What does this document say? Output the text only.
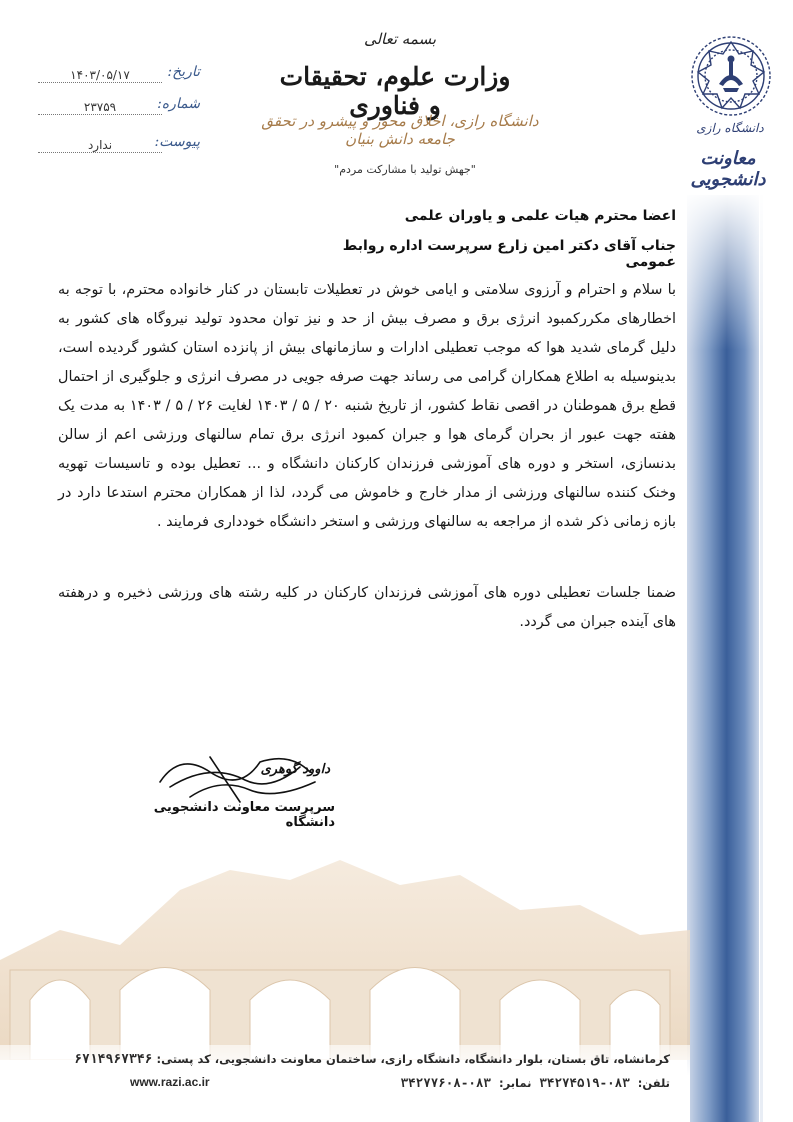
تاریخ:
۱۴۰۳/۰۵/۱۷
شماره:
۲۳۷۵۹
پیوست:
ندارد
بسمه تعالی
وزارت علوم، تحقیقات و فناوری
دانشگاه رازی، اخلاق محور و پیشرو در تحقق جامعه دانش بنیان
"جهش تولید با مشارکت مردم"
دانشگاه رازی
معاونت دانشجویی
اعضا محترم هیات علمی و یاوران علمی
جناب آقای دکتر امین زارع سرپرست اداره روابط عمومی

با سلام و احترام و آرزوی سلامتی و ایامی خوش در تعطیلات تابستان در کنار خانواده محترم، با توجه به اخطارهای مکررکمبود انرژی برق و مصرف بیش از حد و نیز توان محدود تولید نیروگاه های کشور به دلیل گرمای شدید هوا که موجب تعطیلی ادارات و سازمانهای بیش از پانزده استان کشور گردیده است، بدینوسیله به اطلاع همکاران گرامی می رساند جهت صرفه جویی در مصرف انرژی و جلوگیری از احتمال قطع برق هموطنان در اقصی نقاط کشور، از تاریخ شنبه ۲۰ / ۵ / ۱۴۰۳ لغایت ۲۶ / ۵ / ۱۴۰۳ به مدت یک هفته جهت عبور از بحران گرمای هوا و جبران کمبود انرژی برق تمام سالنهای ورزشی اعم از سالن بدنسازی، استخر و دوره های آموزشی فرزندان کارکنان دانشگاه و ... تعطیل بوده و تاسیسات تهویه وخنک کننده سالنهای ورزشی از مدار خارج و خاموش می گردد، لذا از همکاران محترم استدعا دارد در بازه زمانی ذکر شده از مراجعه به سالنهای ورزشی و استخر دانشگاه خودداری فرمایند .

ضمنا جلسات تعطیلی دوره های آموزشی فرزندان کارکنان در کلیه رشته های ورزشی ذخیره و درهفته های آینده جبران می گردد.

داوود گوهری
سرپرست معاونت دانشجویی دانشگاه
کرمانشاه، تاق بستان، بلوار دانشگاه، دانشگاه رازی، ساختمان معاونت دانشجویی، کد پستی: ۶۷۱۴۹۶۷۳۴۶
تلفن: ۰۸۳-۳۴۲۷۴۵۱۹ نمابر: ۰۸۳-۳۴۲۷۷۶۰۸
www.razi.ac.ir
